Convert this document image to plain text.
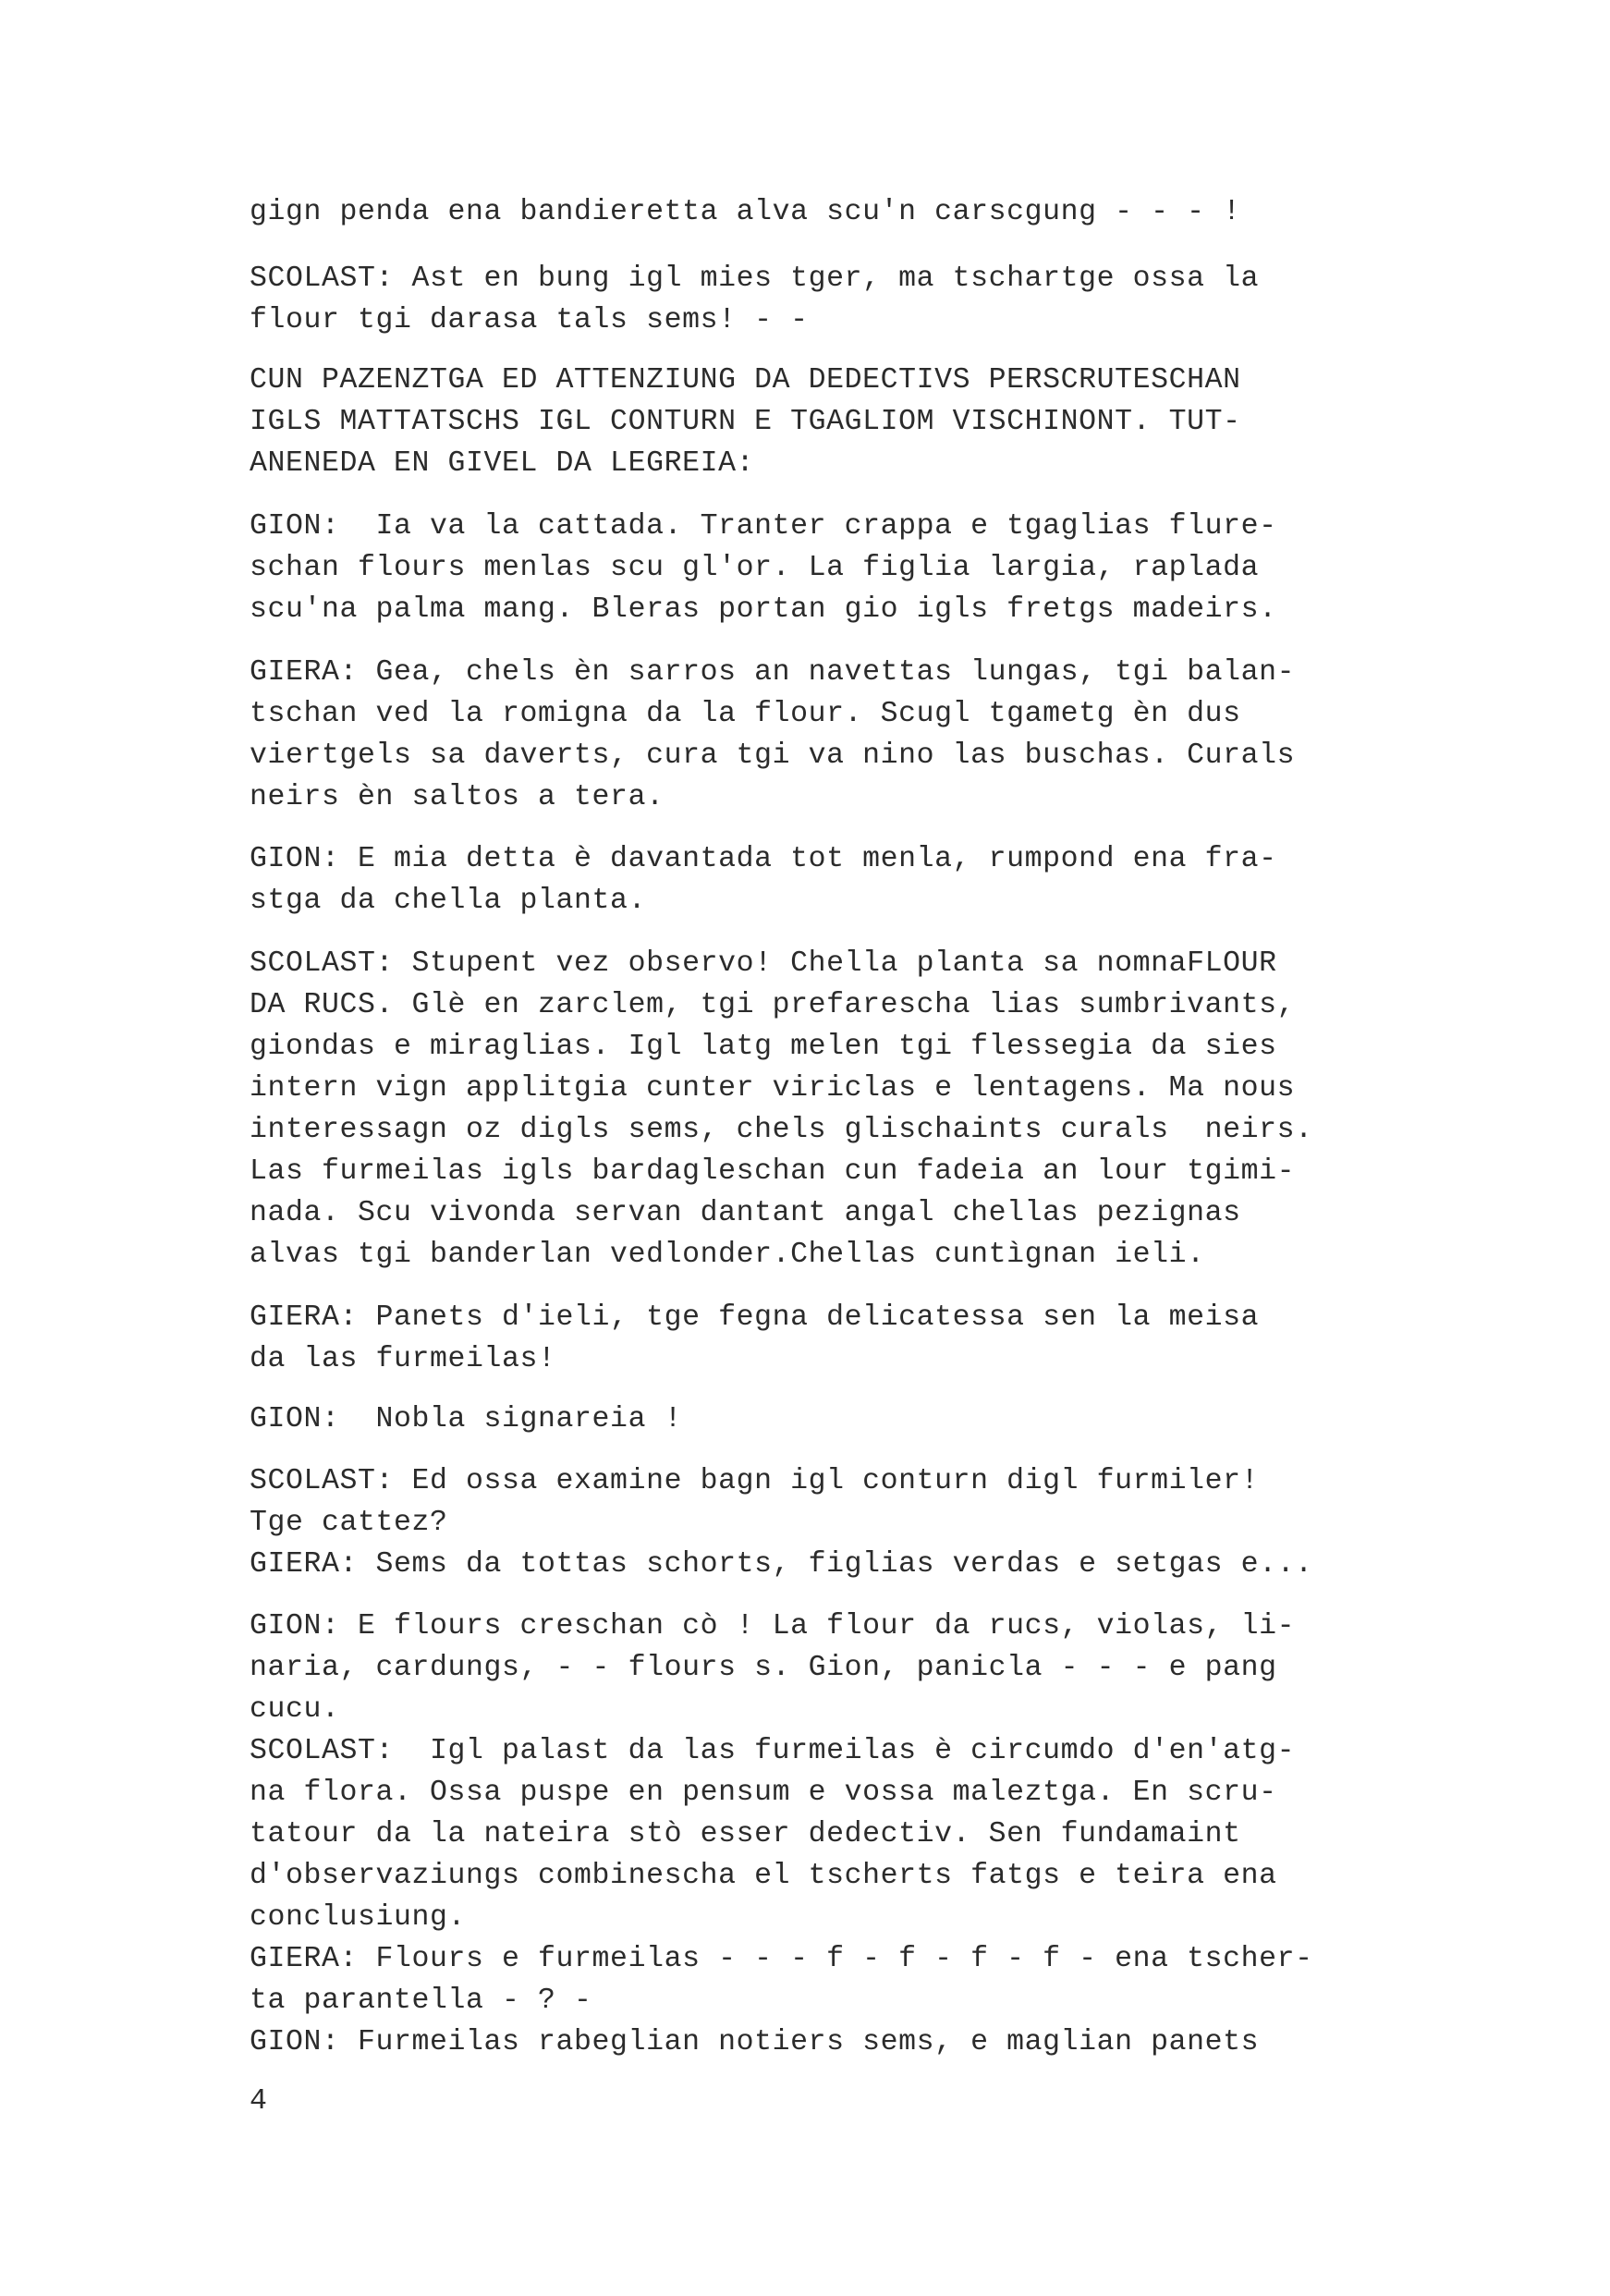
gign penda ena bandieretta alva scu'n carscgung - - - !
SCOLAST: Ast en bung igl mies tger, ma tschartge ossa la
flour tgi darasa tals sems! - -
CUN PAZENZTGA ED ATTENZIUNG DA DEDECTIVS PERSCRUTESCHAN
IGLS MATTATSCHS IGL CONTURN E TGAGLIOM VISCHINONT. TUT-
ANENEDA EN GIVEL DA LEGREIA:
GION:  Ia va la cattada. Tranter crappa e tgaglias flure-
schan flours menlas scu gl'or. La figlia largia, raplada
scu'na palma mang. Bleras portan gio igls fretgs madeirs.
GIERA: Gea, chels èn sarros an navettas lungas, tgi balan-
tschan ved la romigna da la flour. Scugl tgametg èn dus
viertgels sa daverts, cura tgi va nino las buschas. Curals
neirs èn saltos a tera.
GION: E mia detta è davantada tot menla, rumpond ena fra-
stga da chella planta.
SCOLAST: Stupent vez observo! Chella planta sa nomnaFLOUR
DA RUCS. Glè en zarclem, tgi prefarescha lias sumbrivants,
giondas e miraglias. Igl latg melen tgi flessegia da sies
intern vign applitgia cunter viriclas e lentagens. Ma nous
interessagn oz digls sems, chels glischaints curals  neirs.
Las furmeilas igls bardagleschan cun fadeia an lour tgimi-
nada. Scu vivonda servan dantant angal chellas pezignas
alvas tgi banderlan vedlonder.Chellas cuntìgnan ieli.
GIERA: Panets d'ieli, tge fegna delicatessa sen la meisa
da las furmeilas!
GION:  Nobla signareia !
SCOLAST: Ed ossa examine bagn igl conturn digl furmiler!
Tge cattez?
GIERA: Sems da tottas schorts, figlias verdas e setgas e...
GION: E flours creschan cò ! La flour da rucs, violas, li-
naria, cardungs, - - flours s. Gion, panicla - - - e pang
cucu.
SCOLAST:  Igl palast da las furmeilas è circumdo d'en'atg-
na flora. Ossa puspe en pensum e vossa maleztga. En scru-
tatour da la nateira stò esser dedectiv. Sen fundamaint
d'observaziungs combinescha el tscherts fatgs e teira ena
conclusiung.
GIERA: Flours e furmeilas - - - f - f - f - f - ena tscher-
ta parantella - ? -
GION: Furmeilas rabeglian notiers sems, e maglian panets
4
